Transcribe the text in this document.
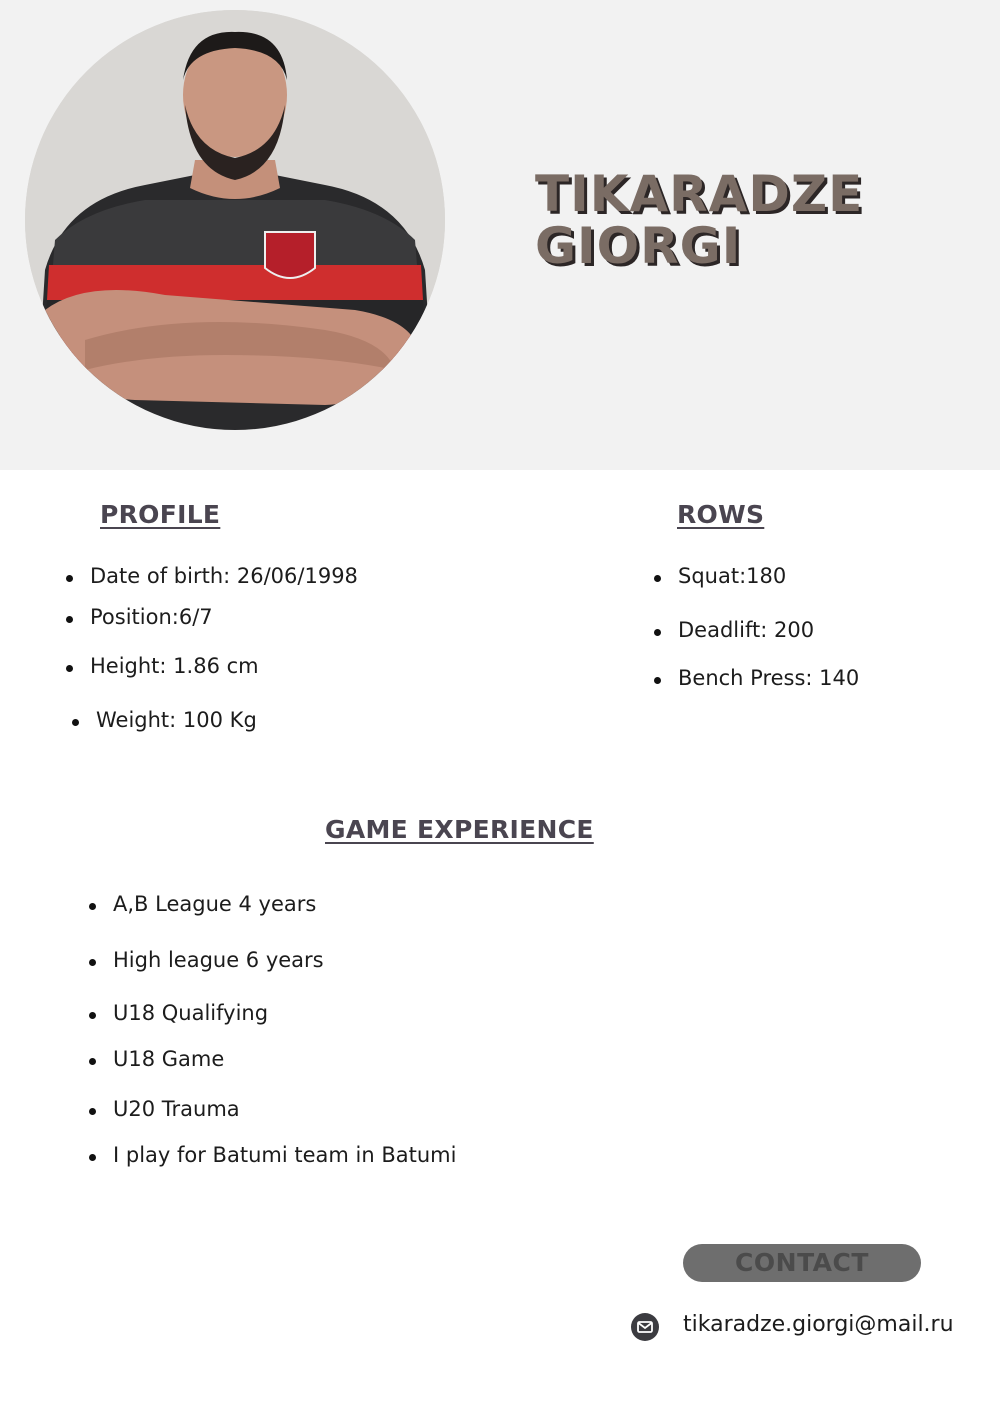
TIKARADZE
GIORGI
PROFILE
Date of birth: 26/06/1998
Position:6/7
Height: 1.86 cm
Weight: 100 Kg
ROWS
Squat:180
Deadlift: 200
Bench Press: 140
GAME EXPERIENCE
A,B League 4 years
High league 6 years
U18 Qualifying
U18 Game
U20 Trauma
I play for Batumi team in Batumi
CONTACT
tikaradze.giorgi@mail.ru
